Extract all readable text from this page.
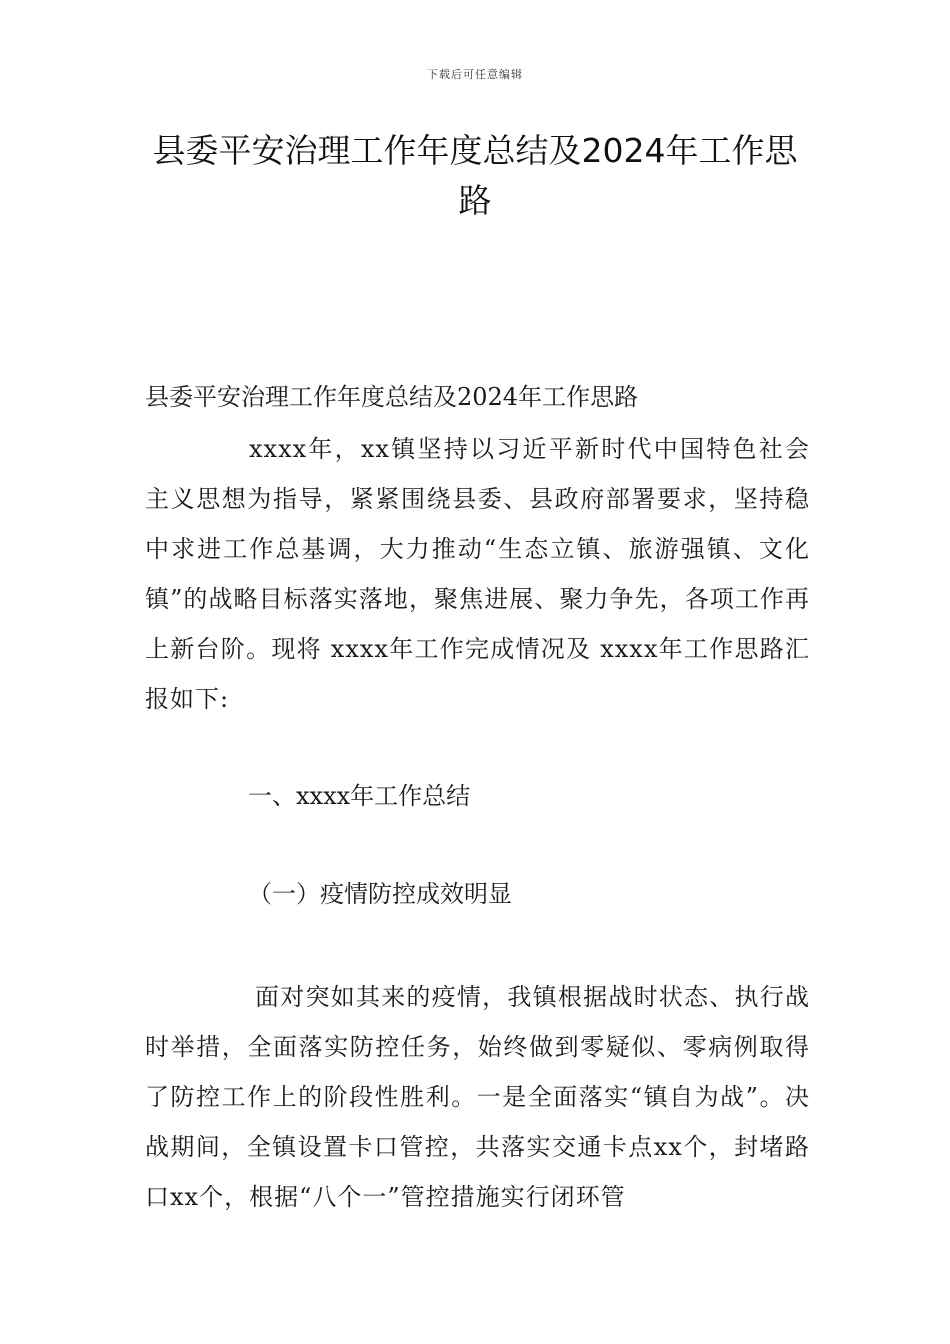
下载后可任意编辑
县委平安治理工作年度总结及2024年工作思路
县委平安治理工作年度总结及2024年工作思路
xxxx年，xx镇坚持以习近平新时代中国特色社会主义思想为指导，紧紧围绕县委、县政府部署要求，坚持稳中求进工作总基调，大力推动“生态立镇、旅游强镇、文化镇”的战略目标落实落地，聚焦进展、聚力争先，各项工作再上新台阶。现将 xxxx年工作完成情况及 xxxx年工作思路汇报如下:
一、xxxx年工作总结
（一）疫情防控成效明显
面对突如其来的疫情，我镇根据战时状态、执行战时举措，全面落实防控任务，始终做到零疑似、零病例取得了防控工作上的阶段性胜利。一是全面落实“镇自为战”。决战期间，全镇设置卡口管控，共落实交通卡点xx个，封堵路口xx个，根据“八个一”管控措施实行闭环管
